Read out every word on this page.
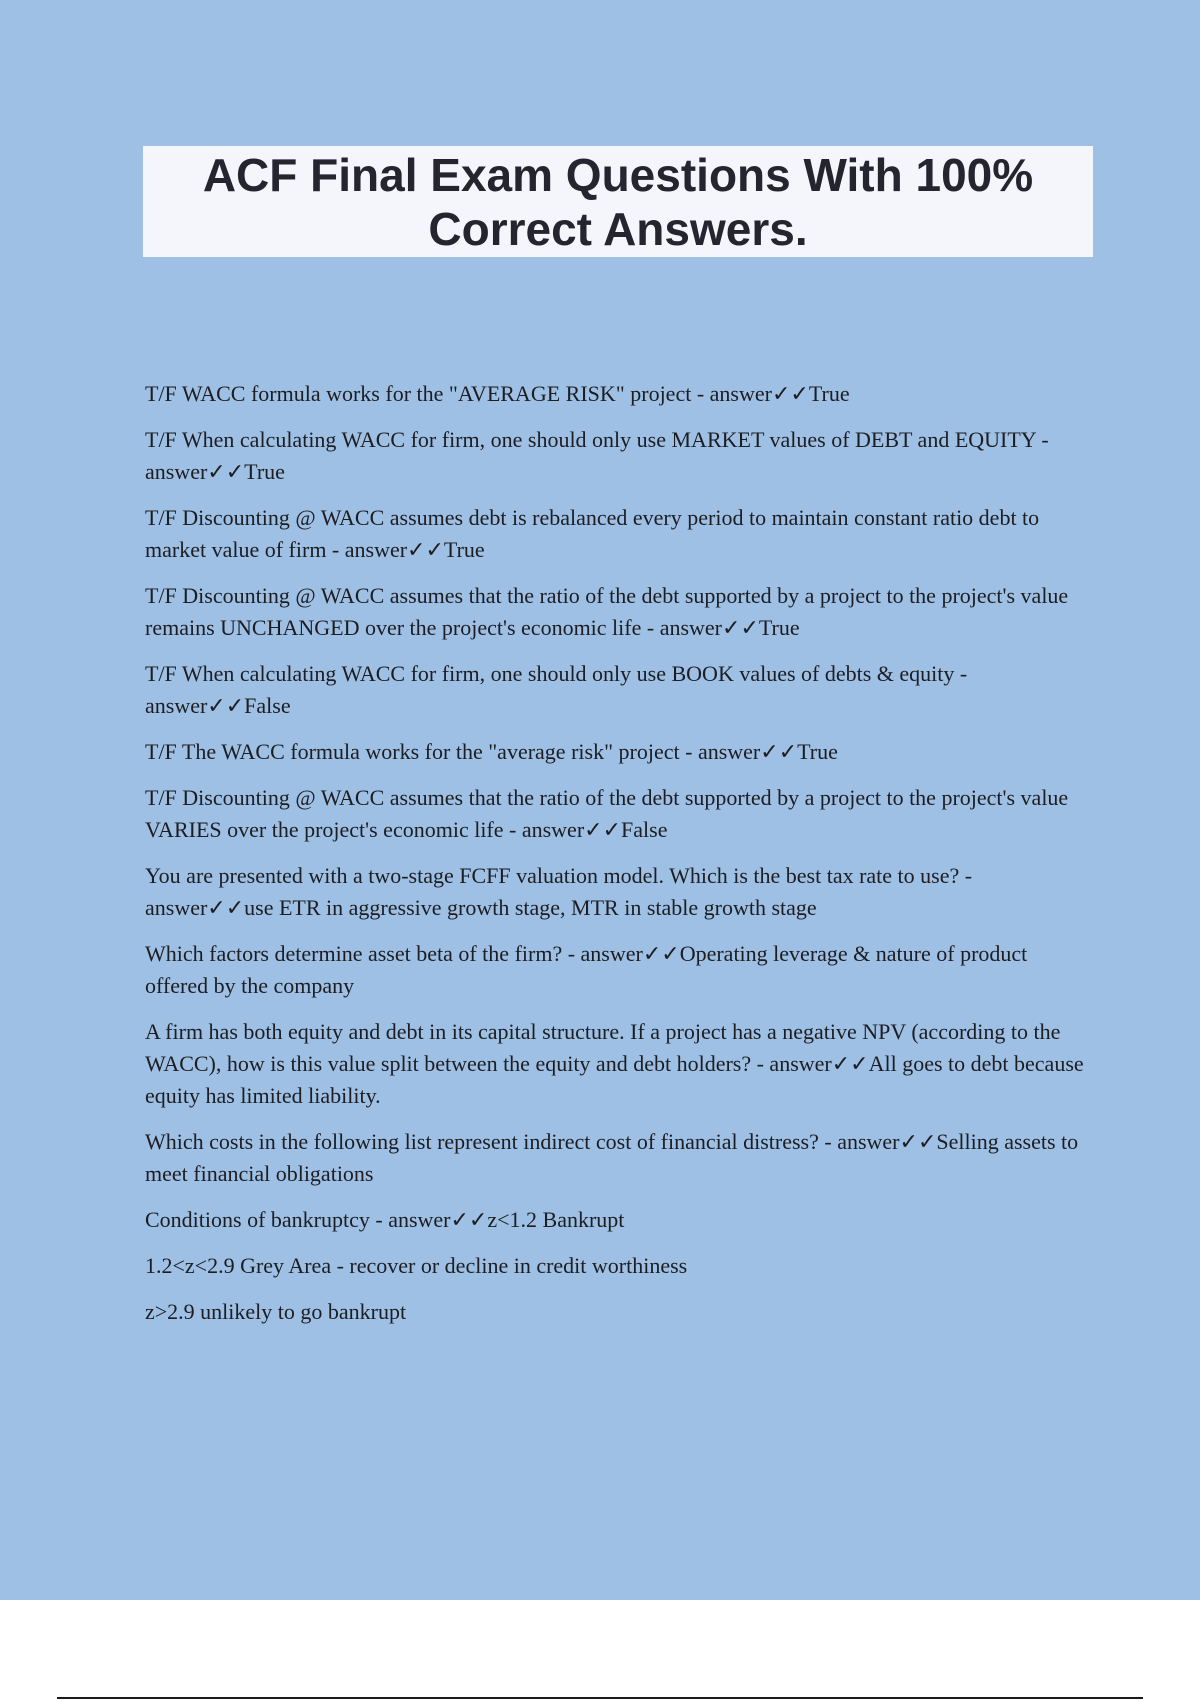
ACF Final Exam Questions With 100%
Correct Answers.

T/F WACC formula works for the "AVERAGE RISK" project - answer✓✓True

T/F When calculating WACC for firm, one should only use MARKET values of DEBT and EQUITY - answer✓✓True

T/F Discounting @ WACC assumes debt is rebalanced every period to maintain constant ratio debt to market value of firm - answer✓✓True

T/F Discounting @ WACC assumes that the ratio of the debt supported by a project to the project's value remains UNCHANGED over the project's economic life - answer✓✓True

T/F When calculating WACC for firm, one should only use BOOK values of debts & equity - answer✓✓False

T/F The WACC formula works for the "average risk" project - answer✓✓True

T/F Discounting @ WACC assumes that the ratio of the debt supported by a project to the project's value VARIES over the project's economic life - answer✓✓False

You are presented with a two-stage FCFF valuation model. Which is the best tax rate to use? - answer✓✓use ETR in aggressive growth stage, MTR in stable growth stage

Which factors determine asset beta of the firm? - answer✓✓Operating leverage & nature of product offered by the company

A firm has both equity and debt in its capital structure. If a project has a negative NPV (according to the WACC), how is this value split between the equity and debt holders? - answer✓✓All goes to debt because equity has limited liability.

Which costs in the following list represent indirect cost of financial distress? - answer✓✓Selling assets to meet financial obligations

Conditions of bankruptcy - answer✓✓z<1.2 Bankrupt

1.2<z<2.9 Grey Area - recover or decline in credit worthiness

z>2.9 unlikely to go bankrupt
